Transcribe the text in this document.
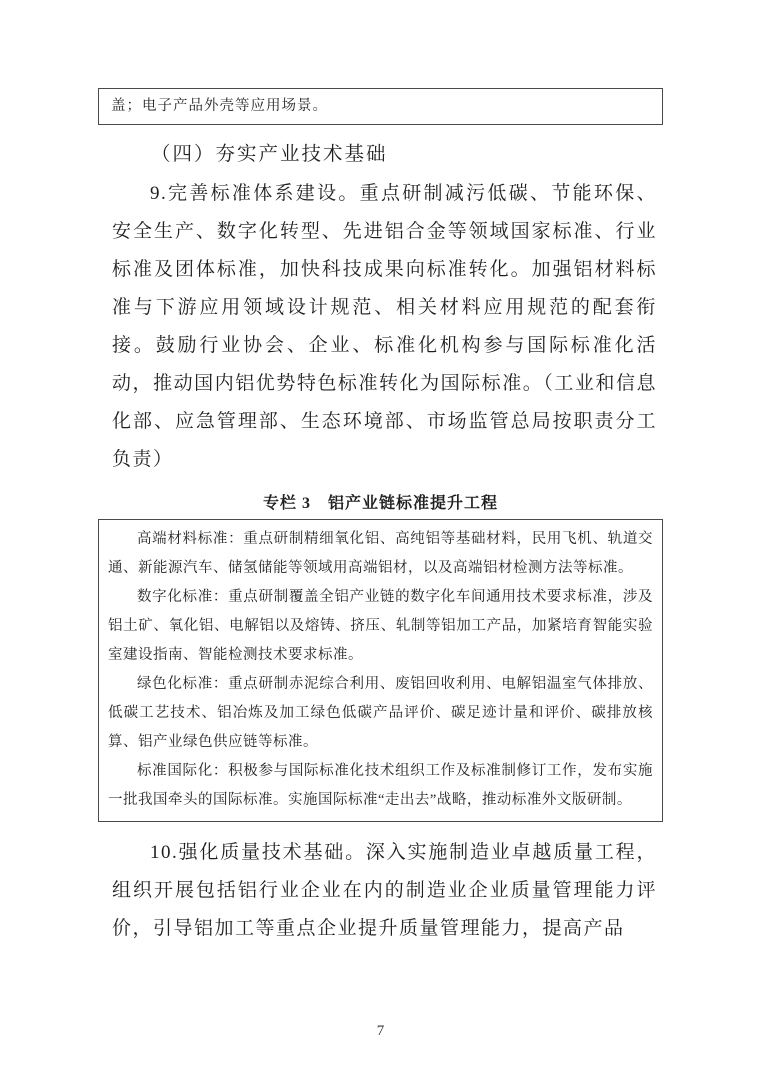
盖；电子产品外壳等应用场景。
（四）夯实产业技术基础

9.完善标准体系建设。重点研制减污低碳、节能环保、安全生产、数字化转型、先进铝合金等领域国家标准、行业标准及团体标准，加快科技成果向标准转化。加强铝材料标准与下游应用领域设计规范、相关材料应用规范的配套衔接。鼓励行业协会、企业、标准化机构参与国际标准化活动，推动国内铝优势特色标准转化为国际标准。（工业和信息化部、应急管理部、生态环境部、市场监管总局按职责分工负责）

专栏 3　铝产业链标准提升工程

高端材料标准：重点研制精细氧化铝、高纯铝等基础材料，民用飞机、轨道交通、新能源汽车、储氢储能等领域用高端铝材，以及高端铝材检测方法等标准。

数字化标准：重点研制覆盖全铝产业链的数字化车间通用技术要求标准，涉及铝土矿、氧化铝、电解铝以及熔铸、挤压、轧制等铝加工产品，加紧培育智能实验室建设指南、智能检测技术要求标准。

绿色化标准：重点研制赤泥综合利用、废铝回收利用、电解铝温室气体排放、低碳工艺技术、铝冶炼及加工绿色低碳产品评价、碳足迹计量和评价、碳排放核算、铝产业绿色供应链等标准。

标准国际化：积极参与国际标准化技术组织工作及标准制修订工作，发布实施一批我国牵头的国际标准。实施国际标准“走出去”战略，推动标准外文版研制。

10.强化质量技术基础。深入实施制造业卓越质量工程，组织开展包括铝行业企业在内的制造业企业质量管理能力评价，引导铝加工等重点企业提升质量管理能力，提高产品

7
